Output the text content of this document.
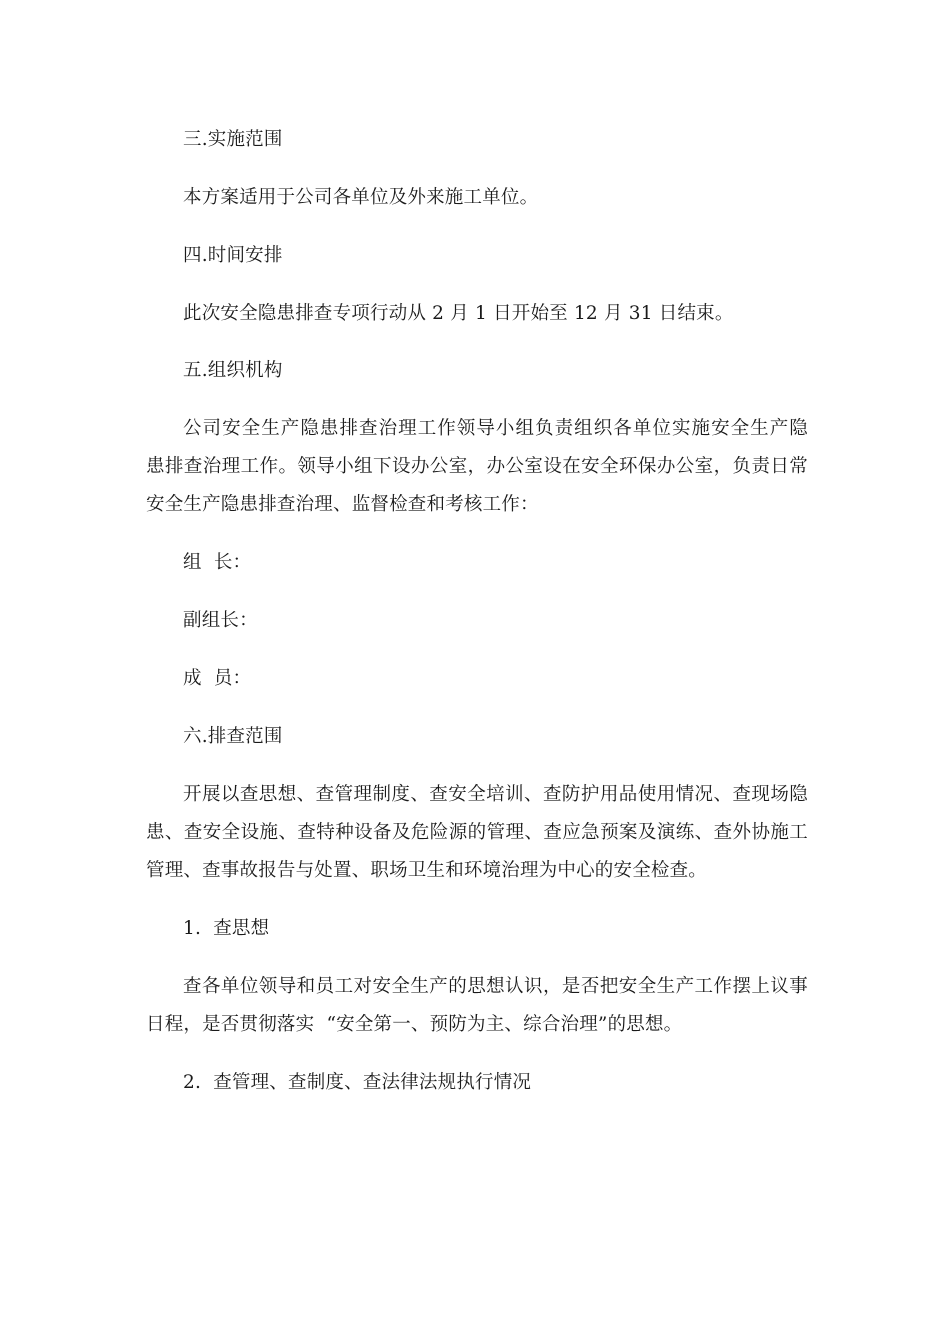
三.实施范围
本方案适用于公司各单位及外来施工单位。
四.时间安排
此次安全隐患排查专项行动从 2 月 1 日开始至 12 月 31 日结束。
五.组织机构
公司安全生产隐患排查治理工作领导小组负责组织各单位实施安全生产隐
患排查治理工作。领导小组下设办公室，办公室设在安全环保办公室，负责日常
安全生产隐患排查治理、监督检查和考核工作：
组  长：
副组长：
成  员：
六.排查范围
开展以查思想、查管理制度、查安全培训、查防护用品使用情况、查现场隐
患、查安全设施、查特种设备及危险源的管理、查应急预案及演练、查外协施工
管理、查事故报告与处置、职场卫生和环境治理为中心的安全检查。
1.  查思想
查各单位领导和员工对安全生产的思想认识，是否把安全生产工作摆上议事
日程，是否贯彻落实  “安全第一、预防为主、综合治理”的思想。
2.  查管理、查制度、查法律法规执行情况
